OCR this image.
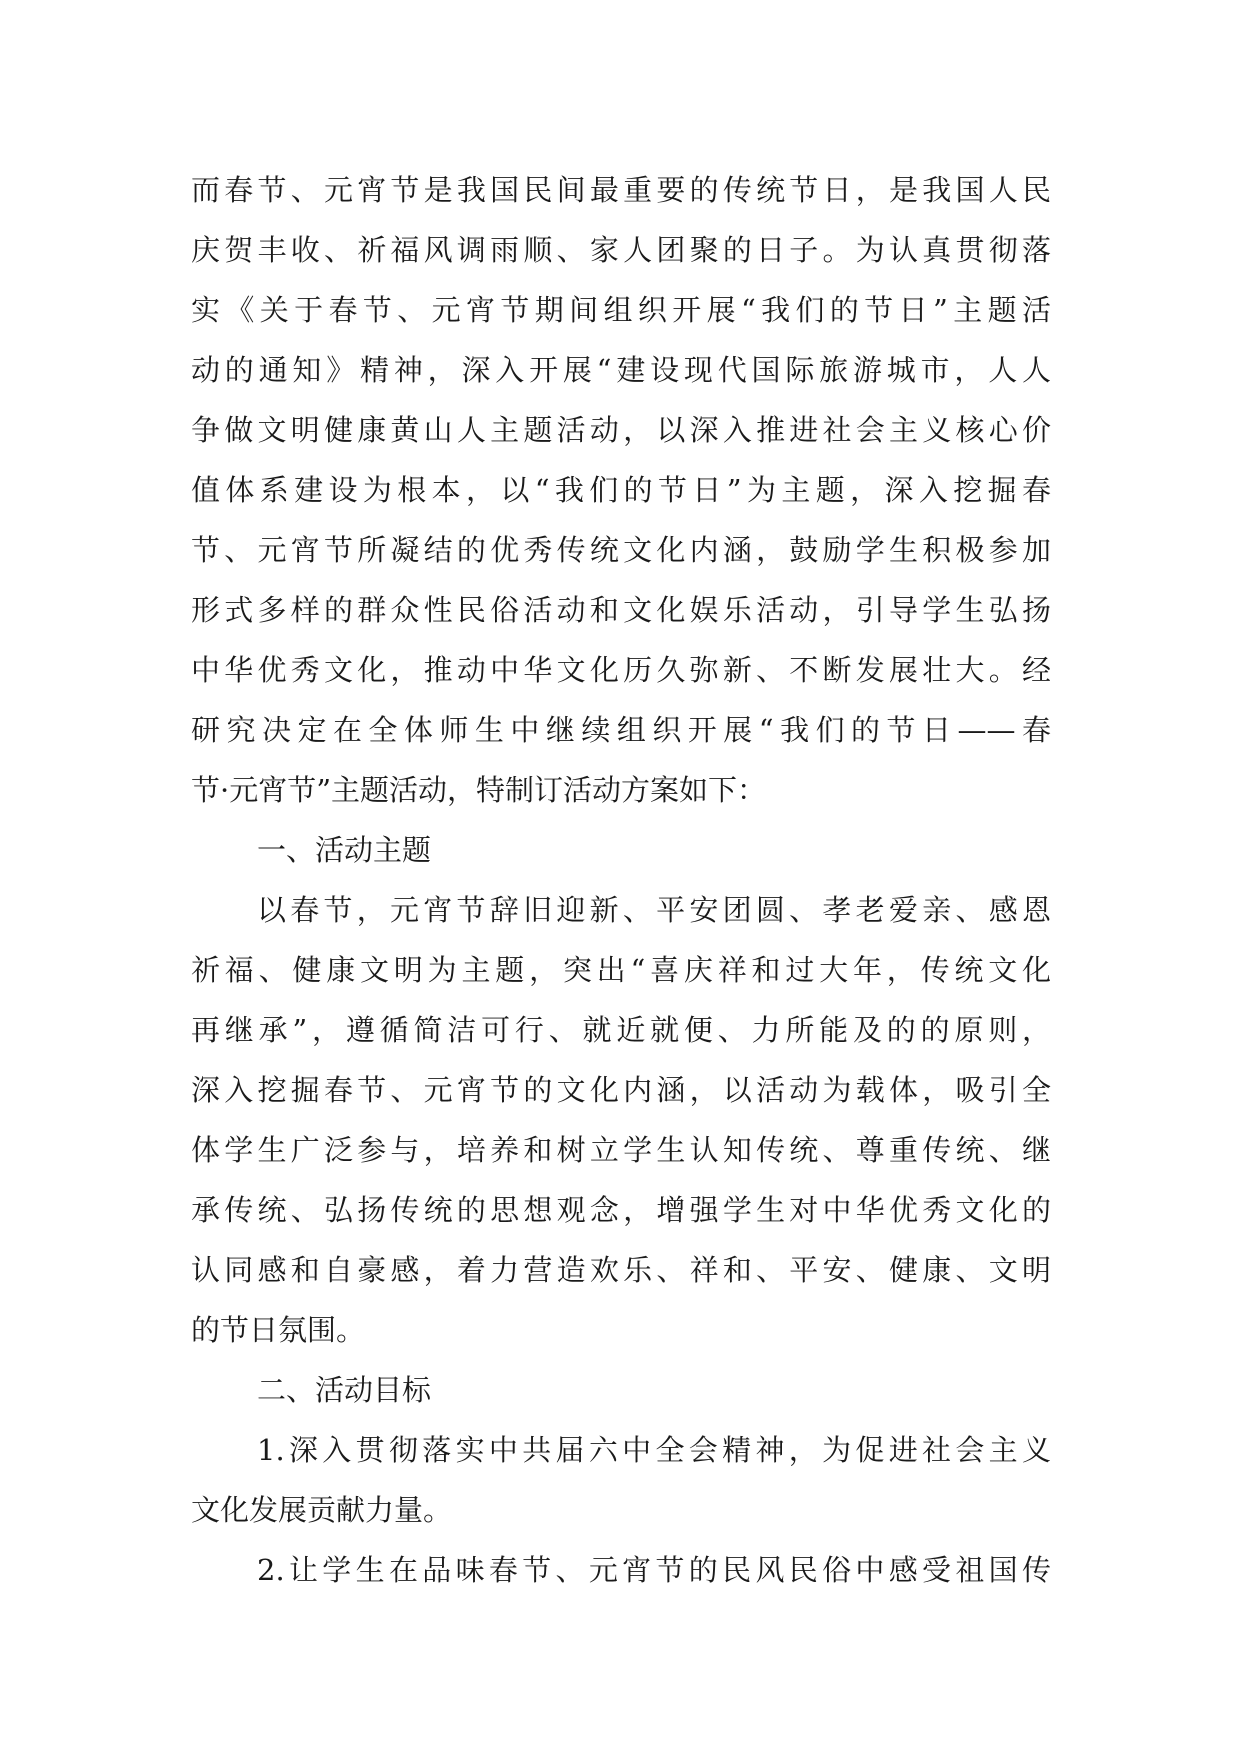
而春节、元宵节是我国民间最重要的传统节日，是我国人民
庆贺丰收、祈福风调雨顺、家人团聚的日子。为认真贯彻落
实《关于春节、元宵节期间组织开展“我们的节日”主题活
动的通知》精神，深入开展“建设现代国际旅游城市，人人
争做文明健康黄山人主题活动，以深入推进社会主义核心价
值体系建设为根本，以“我们的节日”为主题，深入挖掘春
节、元宵节所凝结的优秀传统文化内涵，鼓励学生积极参加
形式多样的群众性民俗活动和文化娱乐活动，引导学生弘扬
中华优秀文化，推动中华文化历久弥新、不断发展壮大。经
研究决定在全体师生中继续组织开展“我们的节日——春
节·元宵节”主题活动，特制订活动方案如下：
一、活动主题
以春节，元宵节辞旧迎新、平安团圆、孝老爱亲、感恩
祈福、健康文明为主题，突出“喜庆祥和过大年，传统文化
再继承”，遵循简洁可行、就近就便、力所能及的的原则，
深入挖掘春节、元宵节的文化内涵，以活动为载体，吸引全
体学生广泛参与，培养和树立学生认知传统、尊重传统、继
承传统、弘扬传统的思想观念，增强学生对中华优秀文化的
认同感和自豪感，着力营造欢乐、祥和、平安、健康、文明
的节日氛围。
二、活动目标
1.深入贯彻落实中共届六中全会精神，为促进社会主义
文化发展贡献力量。
2.让学生在品味春节、元宵节的民风民俗中感受祖国传
